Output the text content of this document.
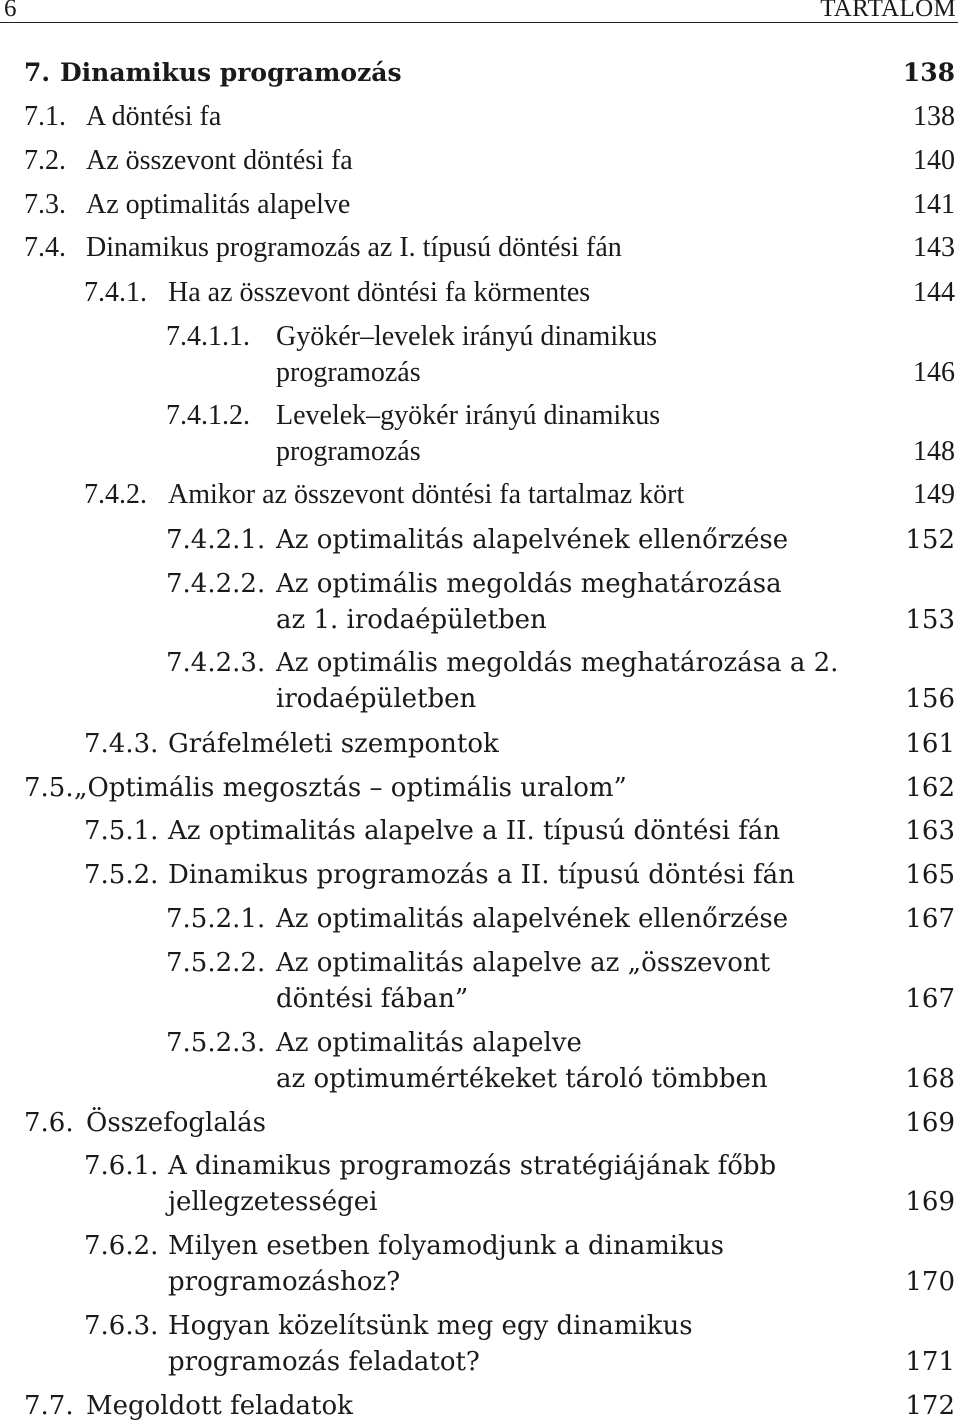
6	TARTALOM
7. Dinamikus programozás	138
7.1. A döntési fa	138
7.2. Az összevont döntési fa	140
7.3. Az optimalitás alapelve	141
7.4. Dinamikus programozás az I. típusú döntési fán	143
7.4.1. Ha az összevont döntési fa körmentes	144
7.4.1.1. Gyökér–levelek irányú dinamikus
programozás	146
7.4.1.2. Levelek–gyökér irányú dinamikus
programozás	148
7.4.2. Amikor az összevont döntési fa tartalmaz kört	149
7.4.2.1. Az optimalitás alapelvének ellenőrzése	152
7.4.2.2. Az optimális megoldás meghatározása
az 1. irodaépületben	153
7.4.2.3. Az optimális megoldás meghatározása a 2.
irodaépületben	156
7.4.3. Gráfelméleti szempontok	161
7.5. „Optimális megosztás – optimális uralom”	162
7.5.1. Az optimalitás alapelve a II. típusú döntési fán	163
7.5.2. Dinamikus programozás a II. típusú döntési fán	165
7.5.2.1. Az optimalitás alapelvének ellenőrzése	167
7.5.2.2. Az optimalitás alapelve az „összevont
döntési fában”	167
7.5.2.3. Az optimalitás alapelve
az optimumértékeket tároló tömbben	168
7.6. Összefoglalás	169
7.6.1. A dinamikus programozás stratégiájának főbb
jellegzetességei	169
7.6.2. Milyen esetben folyamodjunk a dinamikus
programozáshoz?	170
7.6.3. Hogyan közelítsünk meg egy dinamikus
programozás feladatot?	171
7.7. Megoldott feladatok	172
